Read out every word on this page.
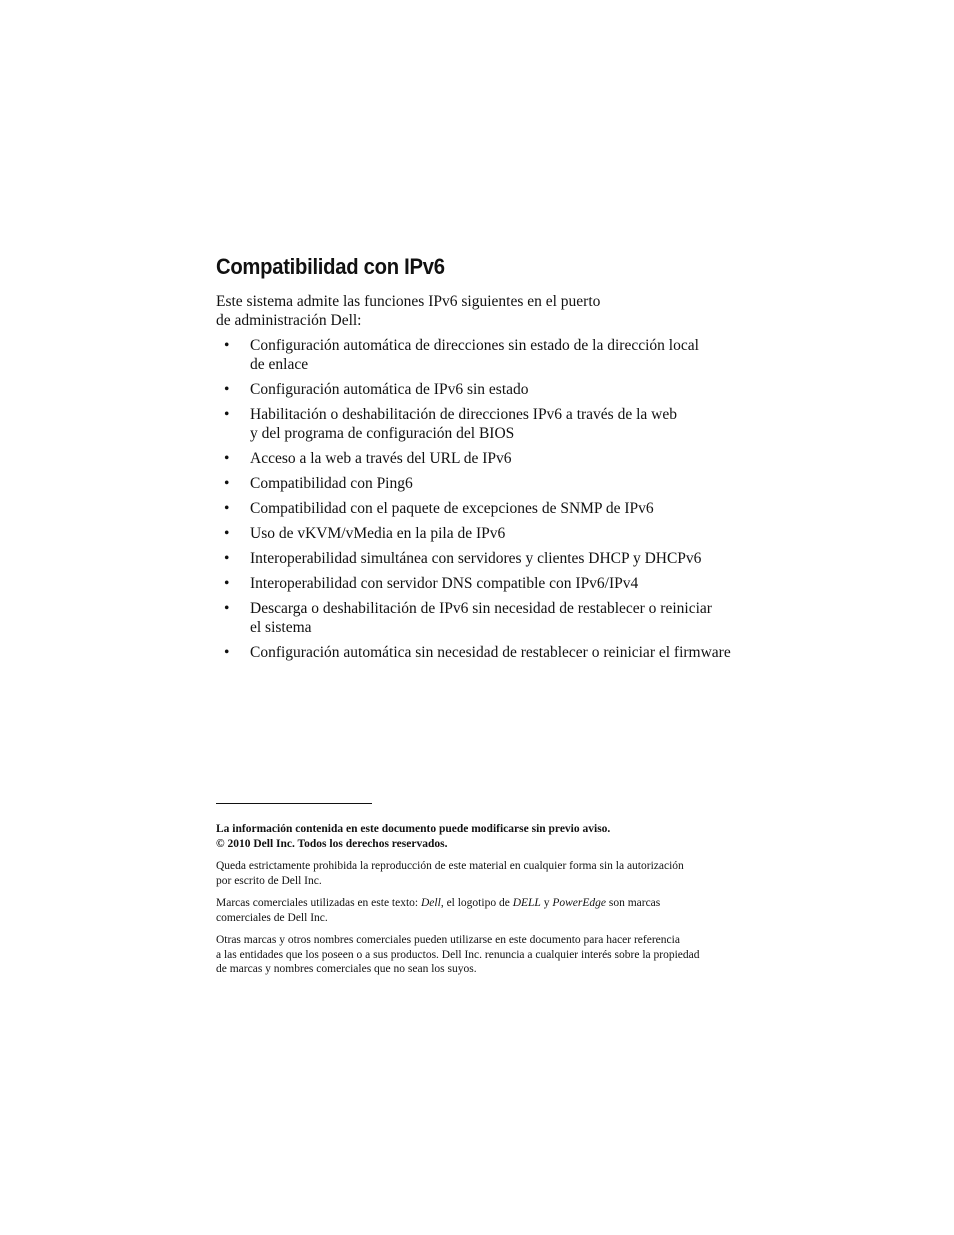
Compatibilidad con IPv6

Este sistema admite las funciones IPv6 siguientes en el puerto
de administración Dell:

• Configuración automática de direcciones sin estado de la dirección local
de enlace
• Configuración automática de IPv6 sin estado
• Habilitación o deshabilitación de direcciones IPv6 a través de la web
y del programa de configuración del BIOS
• Acceso a la web a través del URL de IPv6
• Compatibilidad con Ping6
• Compatibilidad con el paquete de excepciones de SNMP de IPv6
• Uso de vKVM/vMedia en la pila de IPv6
• Interoperabilidad simultánea con servidores y clientes DHCP y DHCPv6
• Interoperabilidad con servidor DNS compatible con IPv6/IPv4
• Descarga o deshabilitación de IPv6 sin necesidad de restablecer o reiniciar
el sistema
• Configuración automática sin necesidad de restablecer o reiniciar el firmware

La información contenida en este documento puede modificarse sin previo aviso.
© 2010 Dell Inc. Todos los derechos reservados.

Queda estrictamente prohibida la reproducción de este material en cualquier forma sin la autorización
por escrito de Dell Inc.

Marcas comerciales utilizadas en este texto: Dell, el logotipo de DELL y PowerEdge son marcas
comerciales de Dell Inc.

Otras marcas y otros nombres comerciales pueden utilizarse en este documento para hacer referencia
a las entidades que los poseen o a sus productos. Dell Inc. renuncia a cualquier interés sobre la propiedad
de marcas y nombres comerciales que no sean los suyos.
